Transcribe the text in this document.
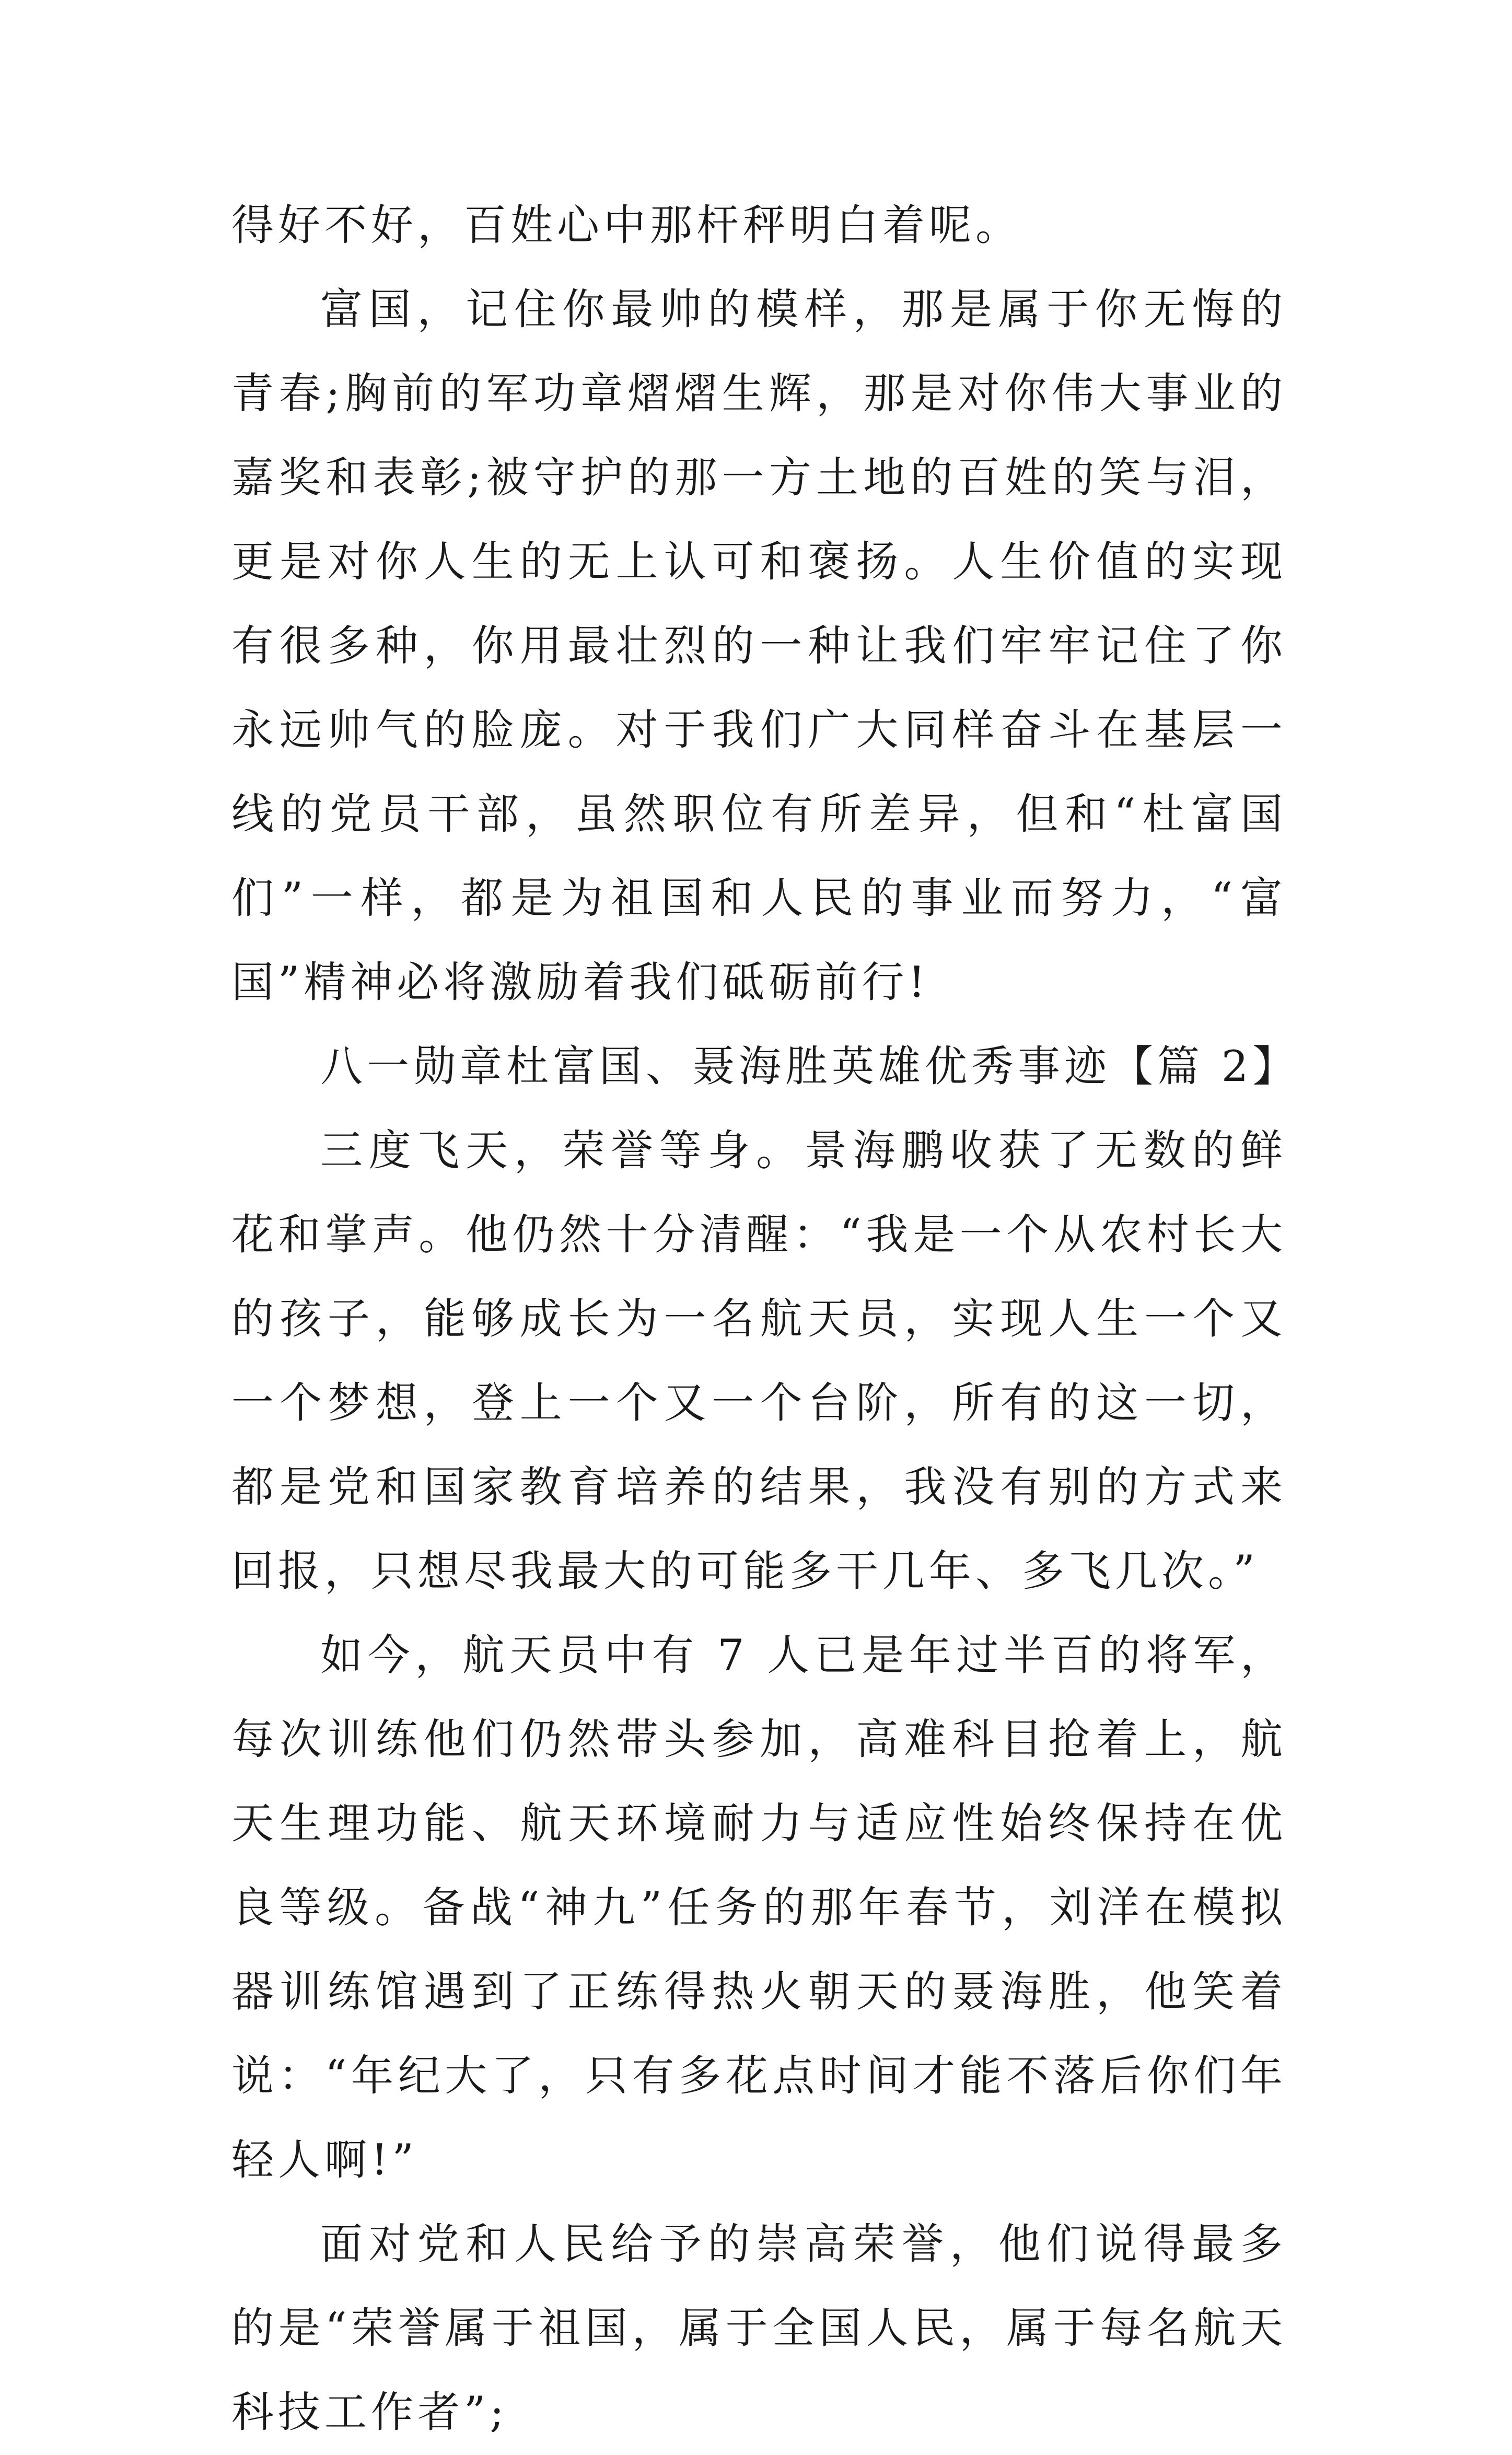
得好不好，百姓心中那杆秤明白着呢。

富国，记住你最帅的模样，那是属于你无悔的青春;胸前的军功章熠熠生辉，那是对你伟大事业的嘉奖和表彰;被守护的那一方土地的百姓的笑与泪，更是对你人生的无上认可和褒扬。人生价值的实现有很多种，你用最壮烈的一种让我们牢牢记住了你永远帅气的脸庞。对于我们广大同样奋斗在基层一线的党员干部，虽然职位有所差异，但和“杜富国们”一样，都是为祖国和人民的事业而努力，“富国”精神必将激励着我们砥砺前行!

八一勋章杜富国、聂海胜英雄优秀事迹【篇 2】

三度飞天，荣誉等身。景海鹏收获了无数的鲜花和掌声。他仍然十分清醒：“我是一个从农村长大的孩子，能够成长为一名航天员，实现人生一个又一个梦想，登上一个又一个台阶，所有的这一切，都是党和国家教育培养的结果，我没有别的方式来回报，只想尽我最大的可能多干几年、多飞几次。”

如今，航天员中有 7 人已是年过半百的将军，每次训练他们仍然带头参加，高难科目抢着上，航天生理功能、航天环境耐力与适应性始终保持在优良等级。备战“神九”任务的那年春节，刘洋在模拟器训练馆遇到了正练得热火朝天的聂海胜，他笑着说：“年纪大了，只有多花点时间才能不落后你们年轻人啊!”

面对党和人民给予的崇高荣誉，他们说得最多的是“荣誉属于祖国，属于全国人民，属于每名航天科技工作者”;
